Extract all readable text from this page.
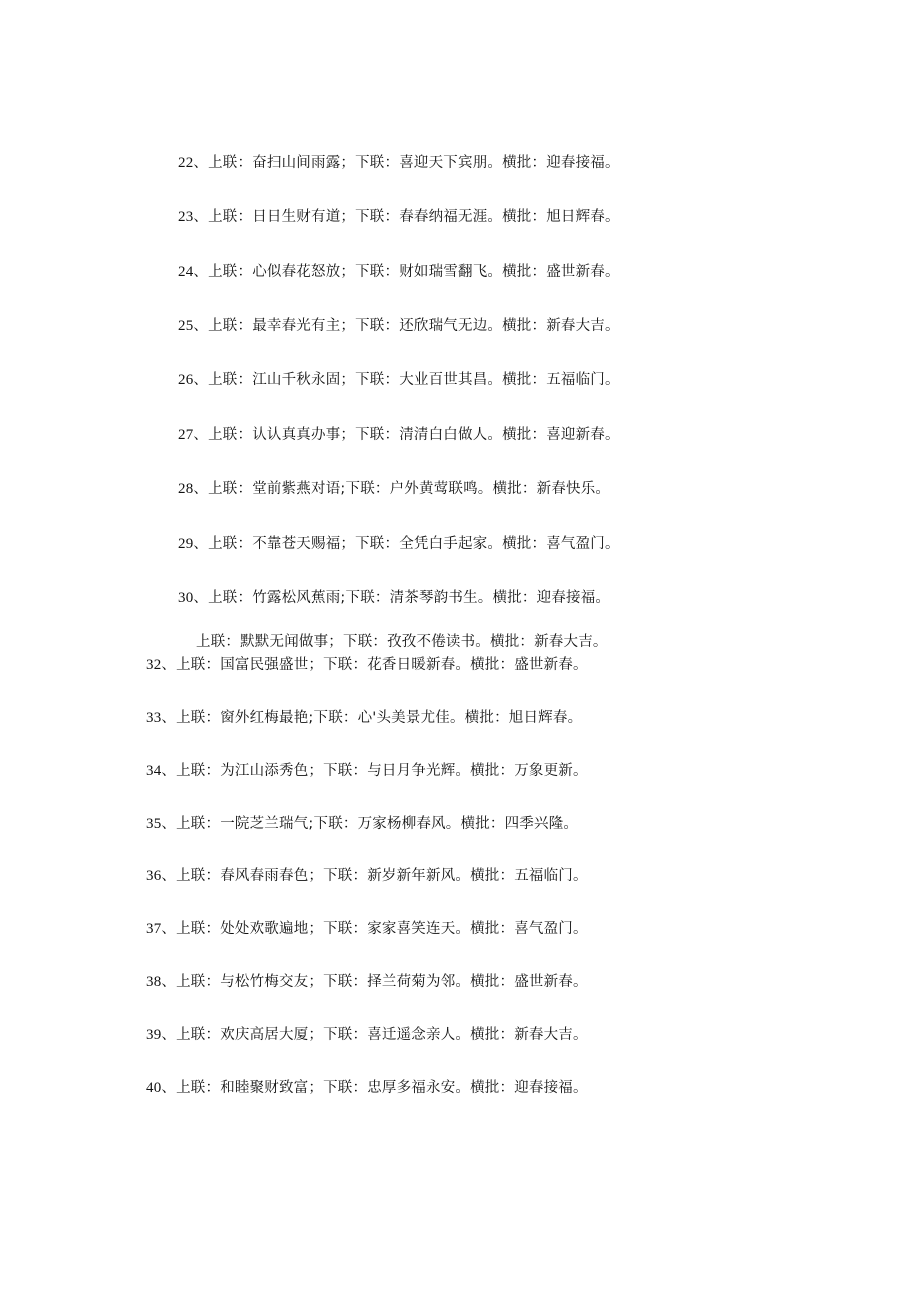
22、上联：奋扫山间雨露；下联：喜迎天下宾朋。横批：迎春接福。
23、上联：日日生财有道；下联：春春纳福无涯。横批：旭日辉春。
24、上联：心似春花怒放；下联：财如瑞雪翻飞。横批：盛世新春。
25、上联：最幸春光有主；下联：还欣瑞气无边。横批：新春大吉。
26、上联：江山千秋永固；下联：大业百世其昌。横批：五福临门。
27、上联：认认真真办事；下联：清清白白做人。横批：喜迎新春。
28、上联：堂前紫燕对语;下联：户外黄莺联鸣。横批：新春快乐。
29、上联：不靠苍天赐福；下联：全凭白手起家。横批：喜气盈门。
30、上联：竹露松风蕉雨;下联：清茶琴韵书生。横批：迎春接福。
上联：默默无闻做事；下联：孜孜不倦读书。横批：新春大吉。
32、上联：国富民强盛世；下联：花香日暖新春。横批：盛世新春。
33、上联：窗外红梅最艳;下联：心'头美景尤佳。横批：旭日辉春。
34、上联：为江山添秀色；下联：与日月争光辉。横批：万象更新。
35、上联：一院芝兰瑞气;下联：万家杨柳春风。横批：四季兴隆。
36、上联：春风春雨春色；下联：新岁新年新风。横批：五福临门。
37、上联：处处欢歌遍地；下联：家家喜笑连天。横批：喜气盈门。
38、上联：与松竹梅交友；下联：择兰荷菊为邻。横批：盛世新春。
39、上联：欢庆高居大厦；下联：喜迁遥念亲人。横批：新春大吉。
40、上联：和睦聚财致富；下联：忠厚多福永安。横批：迎春接福。
